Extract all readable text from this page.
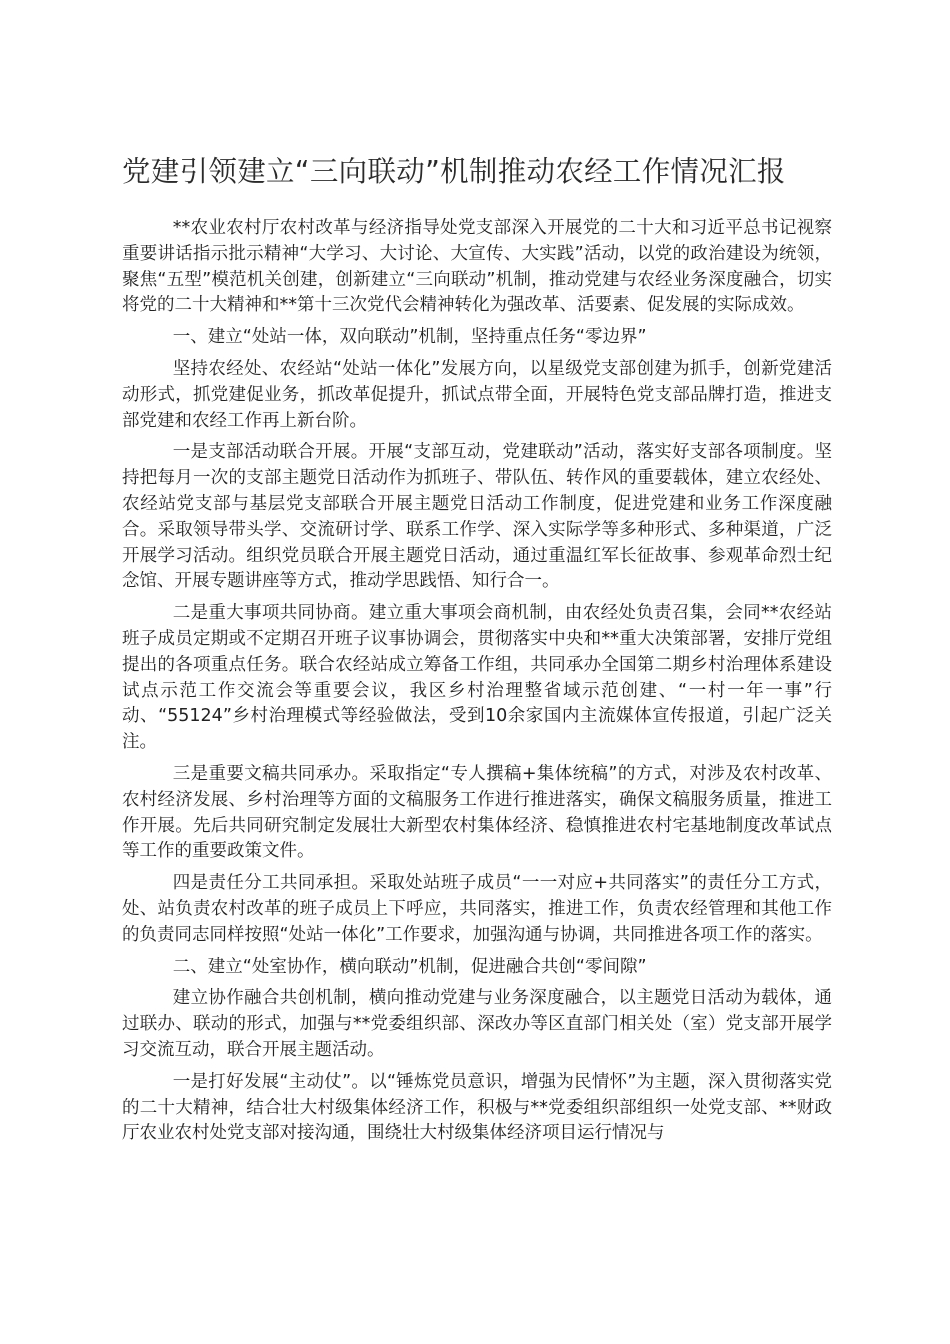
党建引领建立“三向联动”机制推动农经工作情况汇报

**农业农村厅农村改革与经济指导处党支部深入开展党的二十大和习近平总书记视察重要讲话指示批示精神“大学习、大讨论、大宣传、大实践”活动，以党的政治建设为统领，聚焦“五型”模范机关创建，创新建立“三向联动”机制，推动党建与农经业务深度融合，切实将党的二十大精神和**第十三次党代会精神转化为强改革、活要素、促发展的实际成效。

一、建立“处站一体，双向联动”机制，坚持重点任务“零边界”

坚持农经处、农经站“处站一体化”发展方向，以星级党支部创建为抓手，创新党建活动形式，抓党建促业务，抓改革促提升，抓试点带全面，开展特色党支部品牌打造，推进支部党建和农经工作再上新台阶。

一是支部活动联合开展。开展“支部互动，党建联动”活动，落实好支部各项制度。坚持把每月一次的支部主题党日活动作为抓班子、带队伍、转作风的重要载体，建立农经处、农经站党支部与基层党支部联合开展主题党日活动工作制度，促进党建和业务工作深度融合。采取领导带头学、交流研讨学、联系工作学、深入实际学等多种形式、多种渠道，广泛开展学习活动。组织党员联合开展主题党日活动，通过重温红军长征故事、参观革命烈士纪念馆、开展专题讲座等方式，推动学思践悟、知行合一。

二是重大事项共同协商。建立重大事项会商机制，由农经处负责召集，会同**农经站班子成员定期或不定期召开班子议事协调会，贯彻落实中央和**重大决策部署，安排厅党组提出的各项重点任务。联合农经站成立筹备工作组，共同承办全国第二期乡村治理体系建设试点示范工作交流会等重要会议，我区乡村治理整省域示范创建、“一村一年一事”行动、“55124”乡村治理模式等经验做法，受到10余家国内主流媒体宣传报道，引起广泛关注。

三是重要文稿共同承办。采取指定“专人撰稿+集体统稿”的方式，对涉及农村改革、农村经济发展、乡村治理等方面的文稿服务工作进行推进落实，确保文稿服务质量，推进工作开展。先后共同研究制定发展壮大新型农村集体经济、稳慎推进农村宅基地制度改革试点等工作的重要政策文件。

四是责任分工共同承担。采取处站班子成员“一一对应+共同落实”的责任分工方式，处、站负责农村改革的班子成员上下呼应，共同落实，推进工作，负责农经管理和其他工作的负责同志同样按照“处站一体化”工作要求，加强沟通与协调，共同推进各项工作的落实。

二、建立“处室协作，横向联动”机制，促进融合共创“零间隙”

建立协作融合共创机制，横向推动党建与业务深度融合，以主题党日活动为载体，通过联办、联动的形式，加强与**党委组织部、深改办等区直部门相关处（室）党支部开展学习交流互动，联合开展主题活动。

一是打好发展“主动仗”。以“锤炼党员意识，增强为民情怀”为主题，深入贯彻落实党的二十大精神，结合壮大村级集体经济工作，积极与**党委组织部组织一处党支部、**财政厅农业农村处党支部对接沟通，围绕壮大村级集体经济项目运行情况与
